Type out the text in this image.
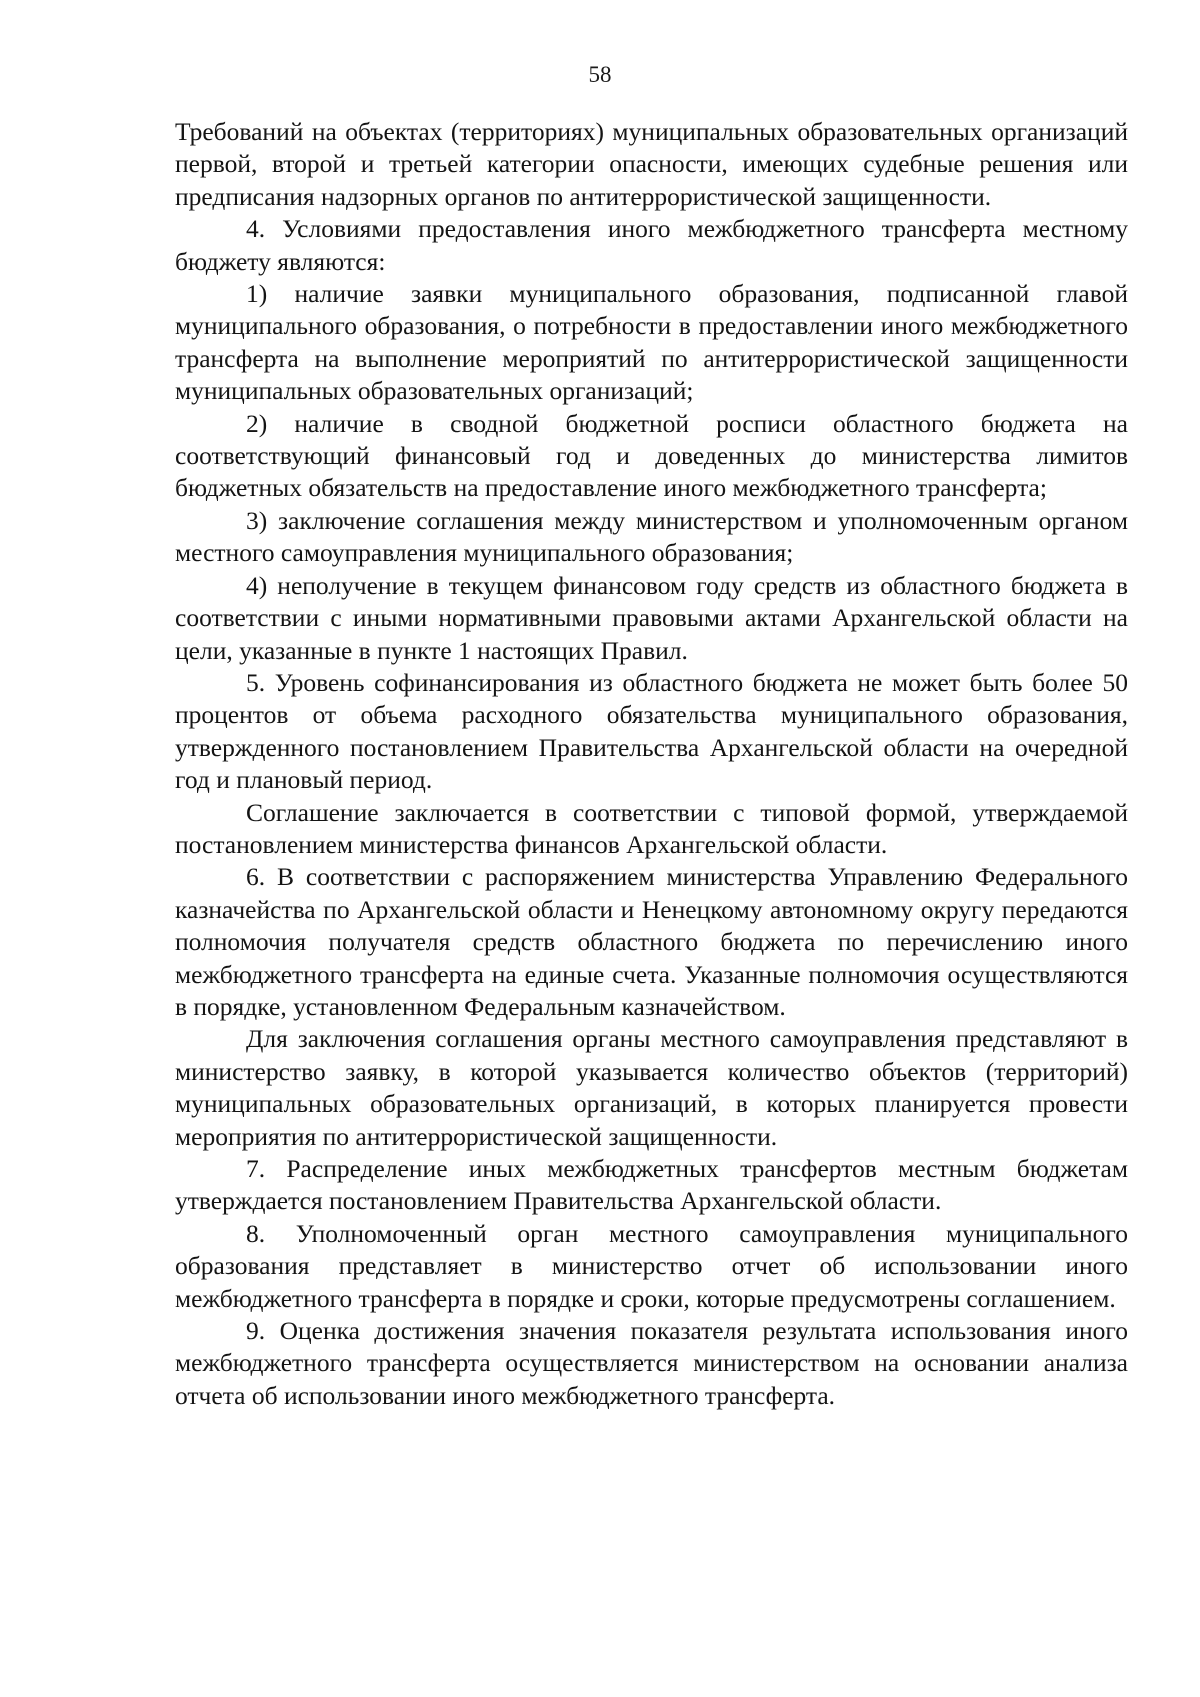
58

Требований на объектах (территориях) муниципальных образовательных организаций первой, второй и третьей категории опасности, имеющих судебные решения или предписания надзорных органов по антитеррористической защищенности.

4. Условиями предоставления иного межбюджетного трансферта местному бюджету являются:

1) наличие заявки муниципального образования, подписанной главой муниципального образования, о потребности в предоставлении иного межбюджетного трансферта на выполнение мероприятий по антитеррористической защищенности муниципальных образовательных организаций;

2) наличие в сводной бюджетной росписи областного бюджета на соответствующий финансовый год и доведенных до министерства лимитов бюджетных обязательств на предоставление иного межбюджетного трансферта;

3) заключение соглашения между министерством и уполномоченным органом местного самоуправления муниципального образования;

4) неполучение в текущем финансовом году средств из областного бюджета в соответствии с иными нормативными правовыми актами Архангельской области на цели, указанные в пункте 1 настоящих Правил.

5. Уровень софинансирования из областного бюджета не может быть более 50 процентов от объема расходного обязательства муниципального образования, утвержденного постановлением Правительства Архангельской области на очередной год и плановый период.

Соглашение заключается в соответствии с типовой формой, утверждаемой постановлением министерства финансов Архангельской области.

6. В соответствии с распоряжением министерства Управлению Федерального казначейства по Архангельской области и Ненецкому автономному округу передаются полномочия получателя средств областного бюджета по перечислению иного межбюджетного трансферта на единые счета. Указанные полномочия осуществляются в порядке, установленном Федеральным казначейством.

Для заключения соглашения органы местного самоуправления представляют в министерство заявку, в которой указывается количество объектов (территорий) муниципальных образовательных организаций, в которых планируется провести мероприятия по антитеррористической защищенности.

7. Распределение иных межбюджетных трансфертов местным бюджетам утверждается постановлением Правительства Архангельской области.

8. Уполномоченный орган местного самоуправления муниципального образования представляет в министерство отчет об использовании иного межбюджетного трансферта в порядке и сроки, которые предусмотрены соглашением.

9. Оценка достижения значения показателя результата использования иного межбюджетного трансферта осуществляется министерством на основании анализа отчета об использовании иного межбюджетного трансферта.
